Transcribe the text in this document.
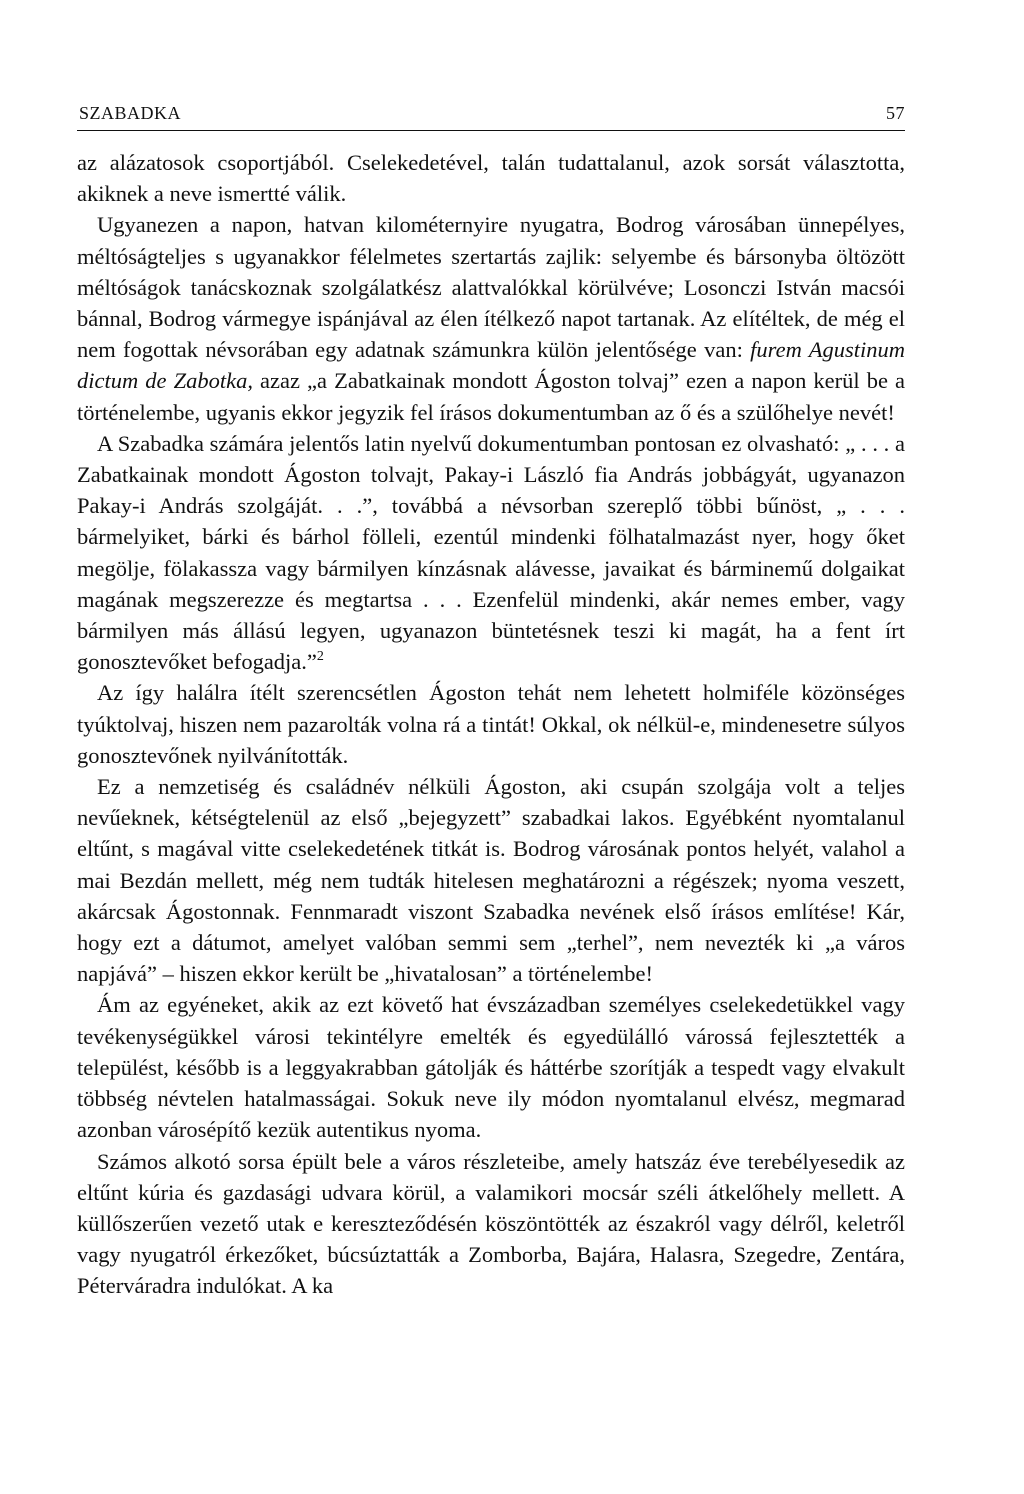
SZABADKA	57

az alázatosok csoportjából. Cselekedetével, talán tudattalanul, azok sorsát választotta, akiknek a neve ismertté válik.

Ugyanezen a napon, hatvan kilométernyire nyugatra, Bodrog városában ünnepélyes, méltóságteljes s ugyanakkor félelmetes szertartás zajlik: selyembe és bársonyba öltözött méltóságok tanácskoznak szolgálatkész alattvalókkal körülvéve; Losonczi István macsói bánnal, Bodrog vármegye ispánjával az élen ítélkező napot tartanak. Az elítéltek, de még el nem fogottak névsorában egy adatnak számunkra külön jelentősége van: furem Agustinum dictum de Zabotka, azaz „a Zabatkainak mondott Ágoston tolvaj” ezen a napon kerül be a történelembe, ugyanis ekkor jegyzik fel írásos dokumentumban az ő és a szülőhelye nevét!

A Szabadka számára jelentős latin nyelvű dokumentumban pontosan ez olvasható: „ . . . a Zabatkainak mondott Ágoston tolvajt, Pakay-i László fia András jobbágyát, ugyanazon Pakay-i András szolgáját. . .”, továbbá a névsorban szereplő többi bűnöst, „ . . . bármelyiket, bárki és bárhol fölleli, ezentúl mindenki fölhatalmazást nyer, hogy őket megölje, fölakassza vagy bármilyen kínzásnak alávesse, javaikat és bárminemű dolgaikat magának megszerezze és megtartsa . . . Ezenfelül mindenki, akár nemes ember, vagy bármilyen más állású legyen, ugyanazon büntetésnek teszi ki magát, ha a fent írt gonosztevőket befogadja.”$^2$

Az így halálra ítélt szerencsétlen Ágoston tehát nem lehetett holmiféle közönséges tyúktolvaj, hiszen nem pazarolták volna rá a tintát! Okkal, ok nélkül-e, mindenesetre súlyos gonosztevőnek nyilvánították.

Ez a nemzetiség és családnév nélküli Ágoston, aki csupán szolgája volt a teljes nevűeknek, kétségtelenül az első „bejegyzett” szabadkai lakos. Egyébként nyomtalanul eltűnt, s magával vitte cselekedetének titkát is. Bodrog városának pontos helyét, valahol a mai Bezdán mellett, még nem tudták hitelesen meghatározni a régészek; nyoma veszett, akárcsak Ágostonnak. Fennmaradt viszont Szabadka nevének első írásos említése! Kár, hogy ezt a dátumot, amelyet valóban semmi sem „terhel”, nem nevezték ki „a város napjává” – hiszen ekkor került be „hivatalosan” a történelembe!

Ám az egyéneket, akik az ezt követő hat évszázadban személyes cselekedetükkel vagy tevékenységükkel városi tekintélyre emelték és egyedülálló várossá fejlesztették a települést, később is a leggyakrabban gátolják és háttérbe szorítják a tespedt vagy elvakult többség névtelen hatalmasságai. Sokuk neve ily módon nyomtalanul elvész, megmarad azonban városépítő kezük autentikus nyoma.

Számos alkotó sorsa épült bele a város részleteibe, amely hatszáz éve terebélyesedik az eltűnt kúria és gazdasági udvara körül, a valamikori mocsár széli átkelőhely mellett. A küllőszerűen vezető utak e kereszteződésén köszöntötték az északról vagy délről, keletről vagy nyugatról érkezőket, búcsúztatták a Zomborba, Bajára, Halasra, Szegedre, Zentára, Péterváradra indulókat. A ka
